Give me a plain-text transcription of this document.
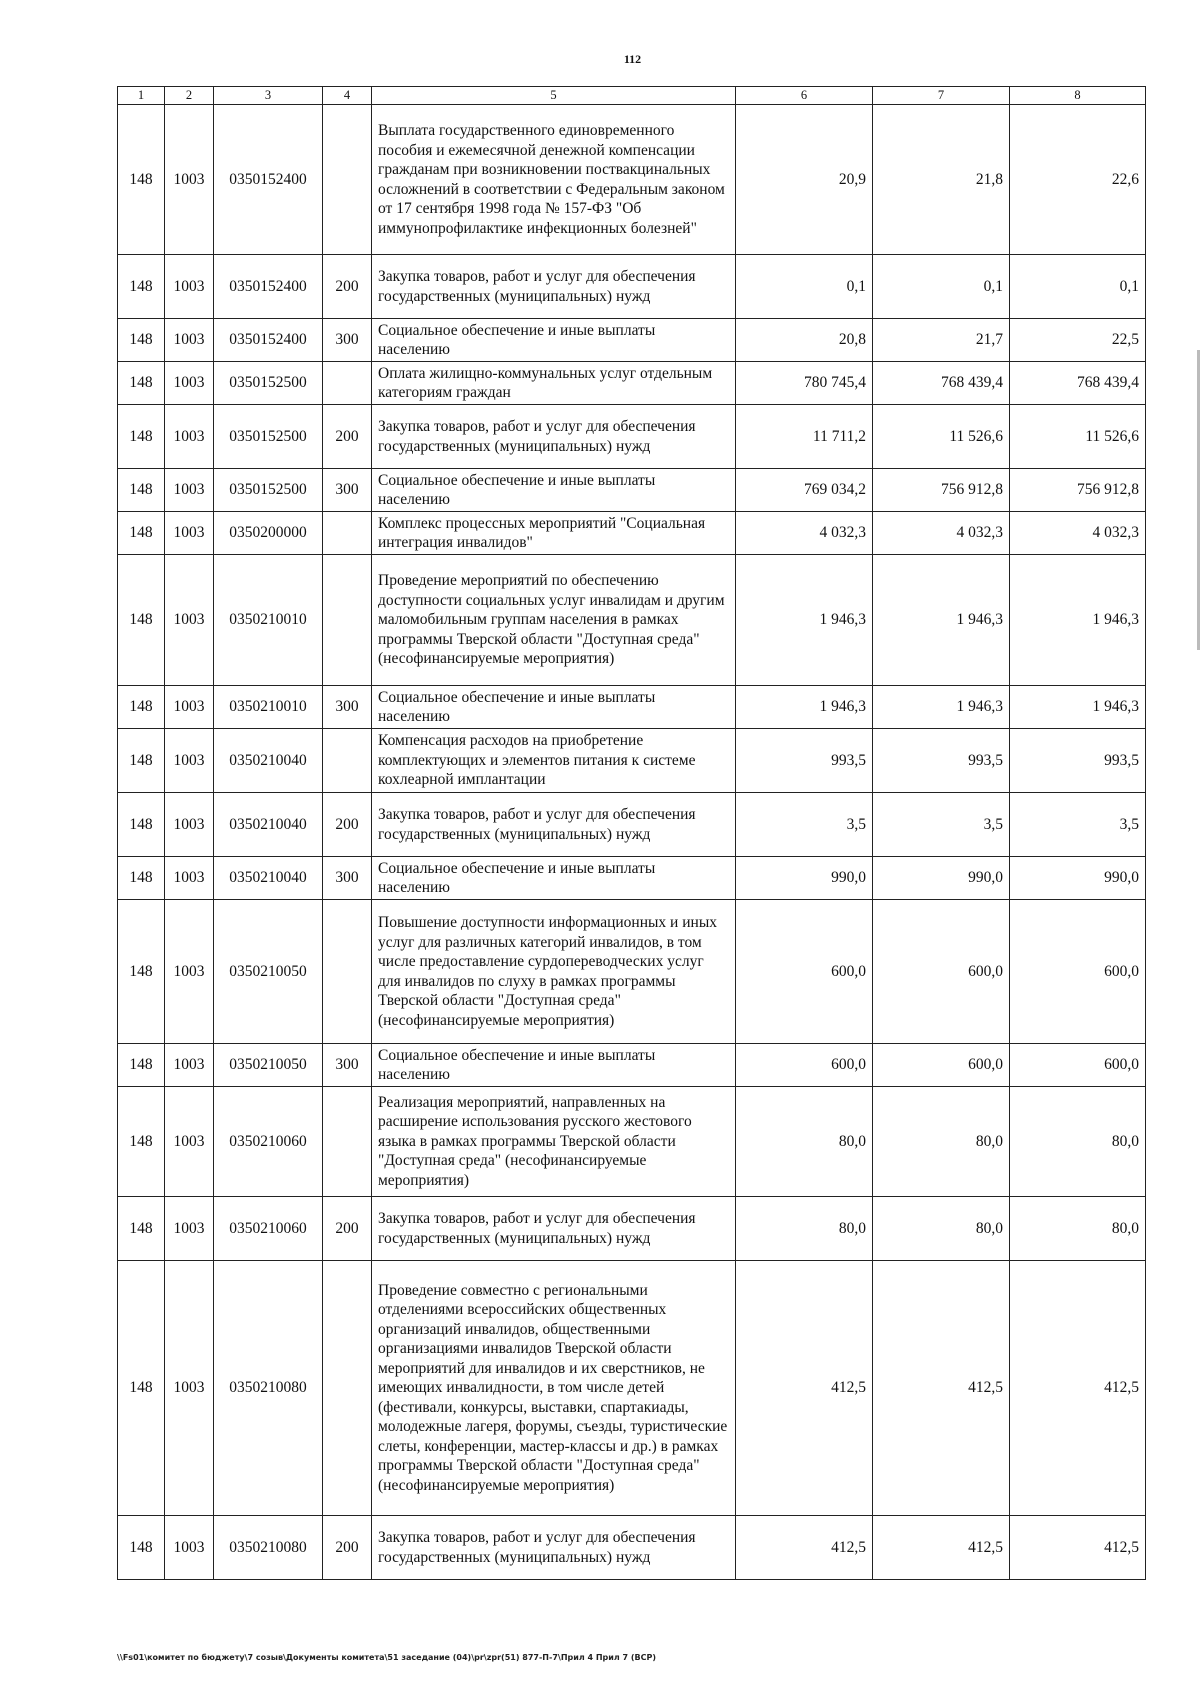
112
1	2	3	4	5	6	7	8
148	1003	0350152400		Выплата государственного единовременного пособия и ежемесячной денежной компенсации гражданам при возникновении поствакцинальных осложнений в соответствии с Федеральным законом от 17 сентября 1998 года № 157-ФЗ "Об иммунопрофилактике инфекционных болезней"	20,9	21,8	22,6
148	1003	0350152400	200	Закупка товаров, работ и услуг для обеспечения государственных (муниципальных) нужд	0,1	0,1	0,1
148	1003	0350152400	300	Социальное обеспечение и иные выплаты населению	20,8	21,7	22,5
148	1003	0350152500		Оплата жилищно-коммунальных услуг отдельным категориям граждан	780 745,4	768 439,4	768 439,4
148	1003	0350152500	200	Закупка товаров, работ и услуг для обеспечения государственных (муниципальных) нужд	11 711,2	11 526,6	11 526,6
148	1003	0350152500	300	Социальное обеспечение и иные выплаты населению	769 034,2	756 912,8	756 912,8
148	1003	0350200000		Комплекс процессных мероприятий "Социальная интеграция инвалидов"	4 032,3	4 032,3	4 032,3
148	1003	0350210010		Проведение мероприятий по обеспечению доступности социальных услуг инвалидам и другим маломобильным группам населения в рамках программы Тверской области "Доступная среда" (несофинансируемые мероприятия)	1 946,3	1 946,3	1 946,3
148	1003	0350210010	300	Социальное обеспечение и иные выплаты населению	1 946,3	1 946,3	1 946,3
148	1003	0350210040		Компенсация расходов на приобретение комплектующих и элементов питания к системе кохлеарной имплантации	993,5	993,5	993,5
148	1003	0350210040	200	Закупка товаров, работ и услуг для обеспечения государственных (муниципальных) нужд	3,5	3,5	3,5
148	1003	0350210040	300	Социальное обеспечение и иные выплаты населению	990,0	990,0	990,0
148	1003	0350210050		Повышение доступности информационных и иных услуг для различных категорий инвалидов, в том числе предоставление сурдопереводческих услуг для инвалидов по слуху в рамках программы Тверской области "Доступная среда" (несофинансируемые мероприятия)	600,0	600,0	600,0
148	1003	0350210050	300	Социальное обеспечение и иные выплаты населению	600,0	600,0	600,0
148	1003	0350210060		Реализация мероприятий, направленных на расширение использования русского жестового языка в рамках программы Тверской области "Доступная среда" (несофинансируемые мероприятия)	80,0	80,0	80,0
148	1003	0350210060	200	Закупка товаров, работ и услуг для обеспечения государственных (муниципальных) нужд	80,0	80,0	80,0
148	1003	0350210080		Проведение совместно с региональными отделениями всероссийских общественных организаций инвалидов, общественными организациями инвалидов Тверской области мероприятий для инвалидов и их сверстников, не имеющих инвалидности, в том числе детей (фестивали, конкурсы, выставки, спартакиады, молодежные лагеря, форумы, съезды, туристические слеты, конференции, мастер-классы и др.) в рамках программы Тверской области "Доступная среда" (несофинансируемые мероприятия)	412,5	412,5	412,5
148	1003	0350210080	200	Закупка товаров, работ и услуг для обеспечения государственных (муниципальных) нужд	412,5	412,5	412,5
\\Fs01\комитет по бюджету\7 созыв\Документы комитета\51 заседание (04)\pr\zpr(51) 877-П-7\Прил 4 Прил 7 (ВСР)
